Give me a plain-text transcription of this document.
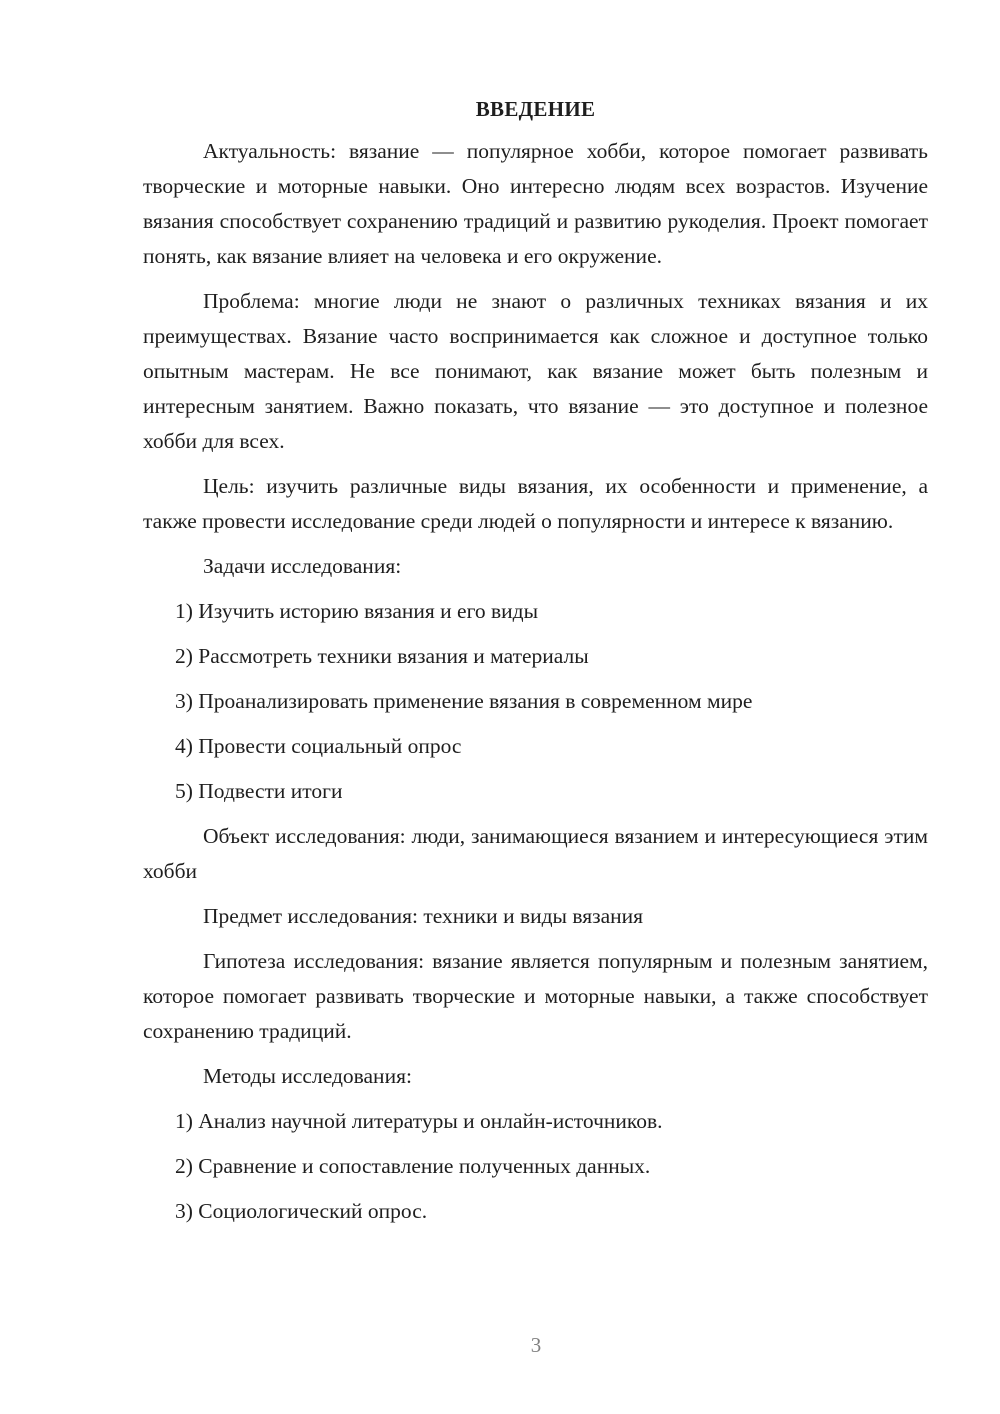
ВВЕДЕНИЕ

Актуальность: вязание — популярное хобби, которое помогает развивать творческие и моторные навыки. Оно интересно людям всех возрастов. Изучение вязания способствует сохранению традиций и развитию рукоделия. Проект помогает понять, как вязание влияет на человека и его окружение.

Проблема: многие люди не знают о различных техниках вязания и их преимуществах. Вязание часто воспринимается как сложное и доступное только опытным мастерам. Не все понимают, как вязание может быть полезным и интересным занятием. Важно показать, что вязание — это доступное и полезное хобби для всех.

Цель: изучить различные виды вязания, их особенности и применение, а также провести исследование среди людей о популярности и интересе к вязанию.

Задачи исследования:

1) Изучить историю вязания и его виды
2) Рассмотреть техники вязания и материалы
3) Проанализировать применение вязания в современном мире
4) Провести социальный опрос
5) Подвести итоги

Объект исследования: люди, занимающиеся вязанием и интересующиеся этим хобби

Предмет исследования: техники и виды вязания

Гипотеза исследования: вязание является популярным и полезным занятием, которое помогает развивать творческие и моторные навыки, а также способствует сохранению традиций.

Методы исследования:

1) Анализ научной литературы и онлайн-источников.
2) Сравнение и сопоставление полученных данных.
3) Социологический опрос.
3
